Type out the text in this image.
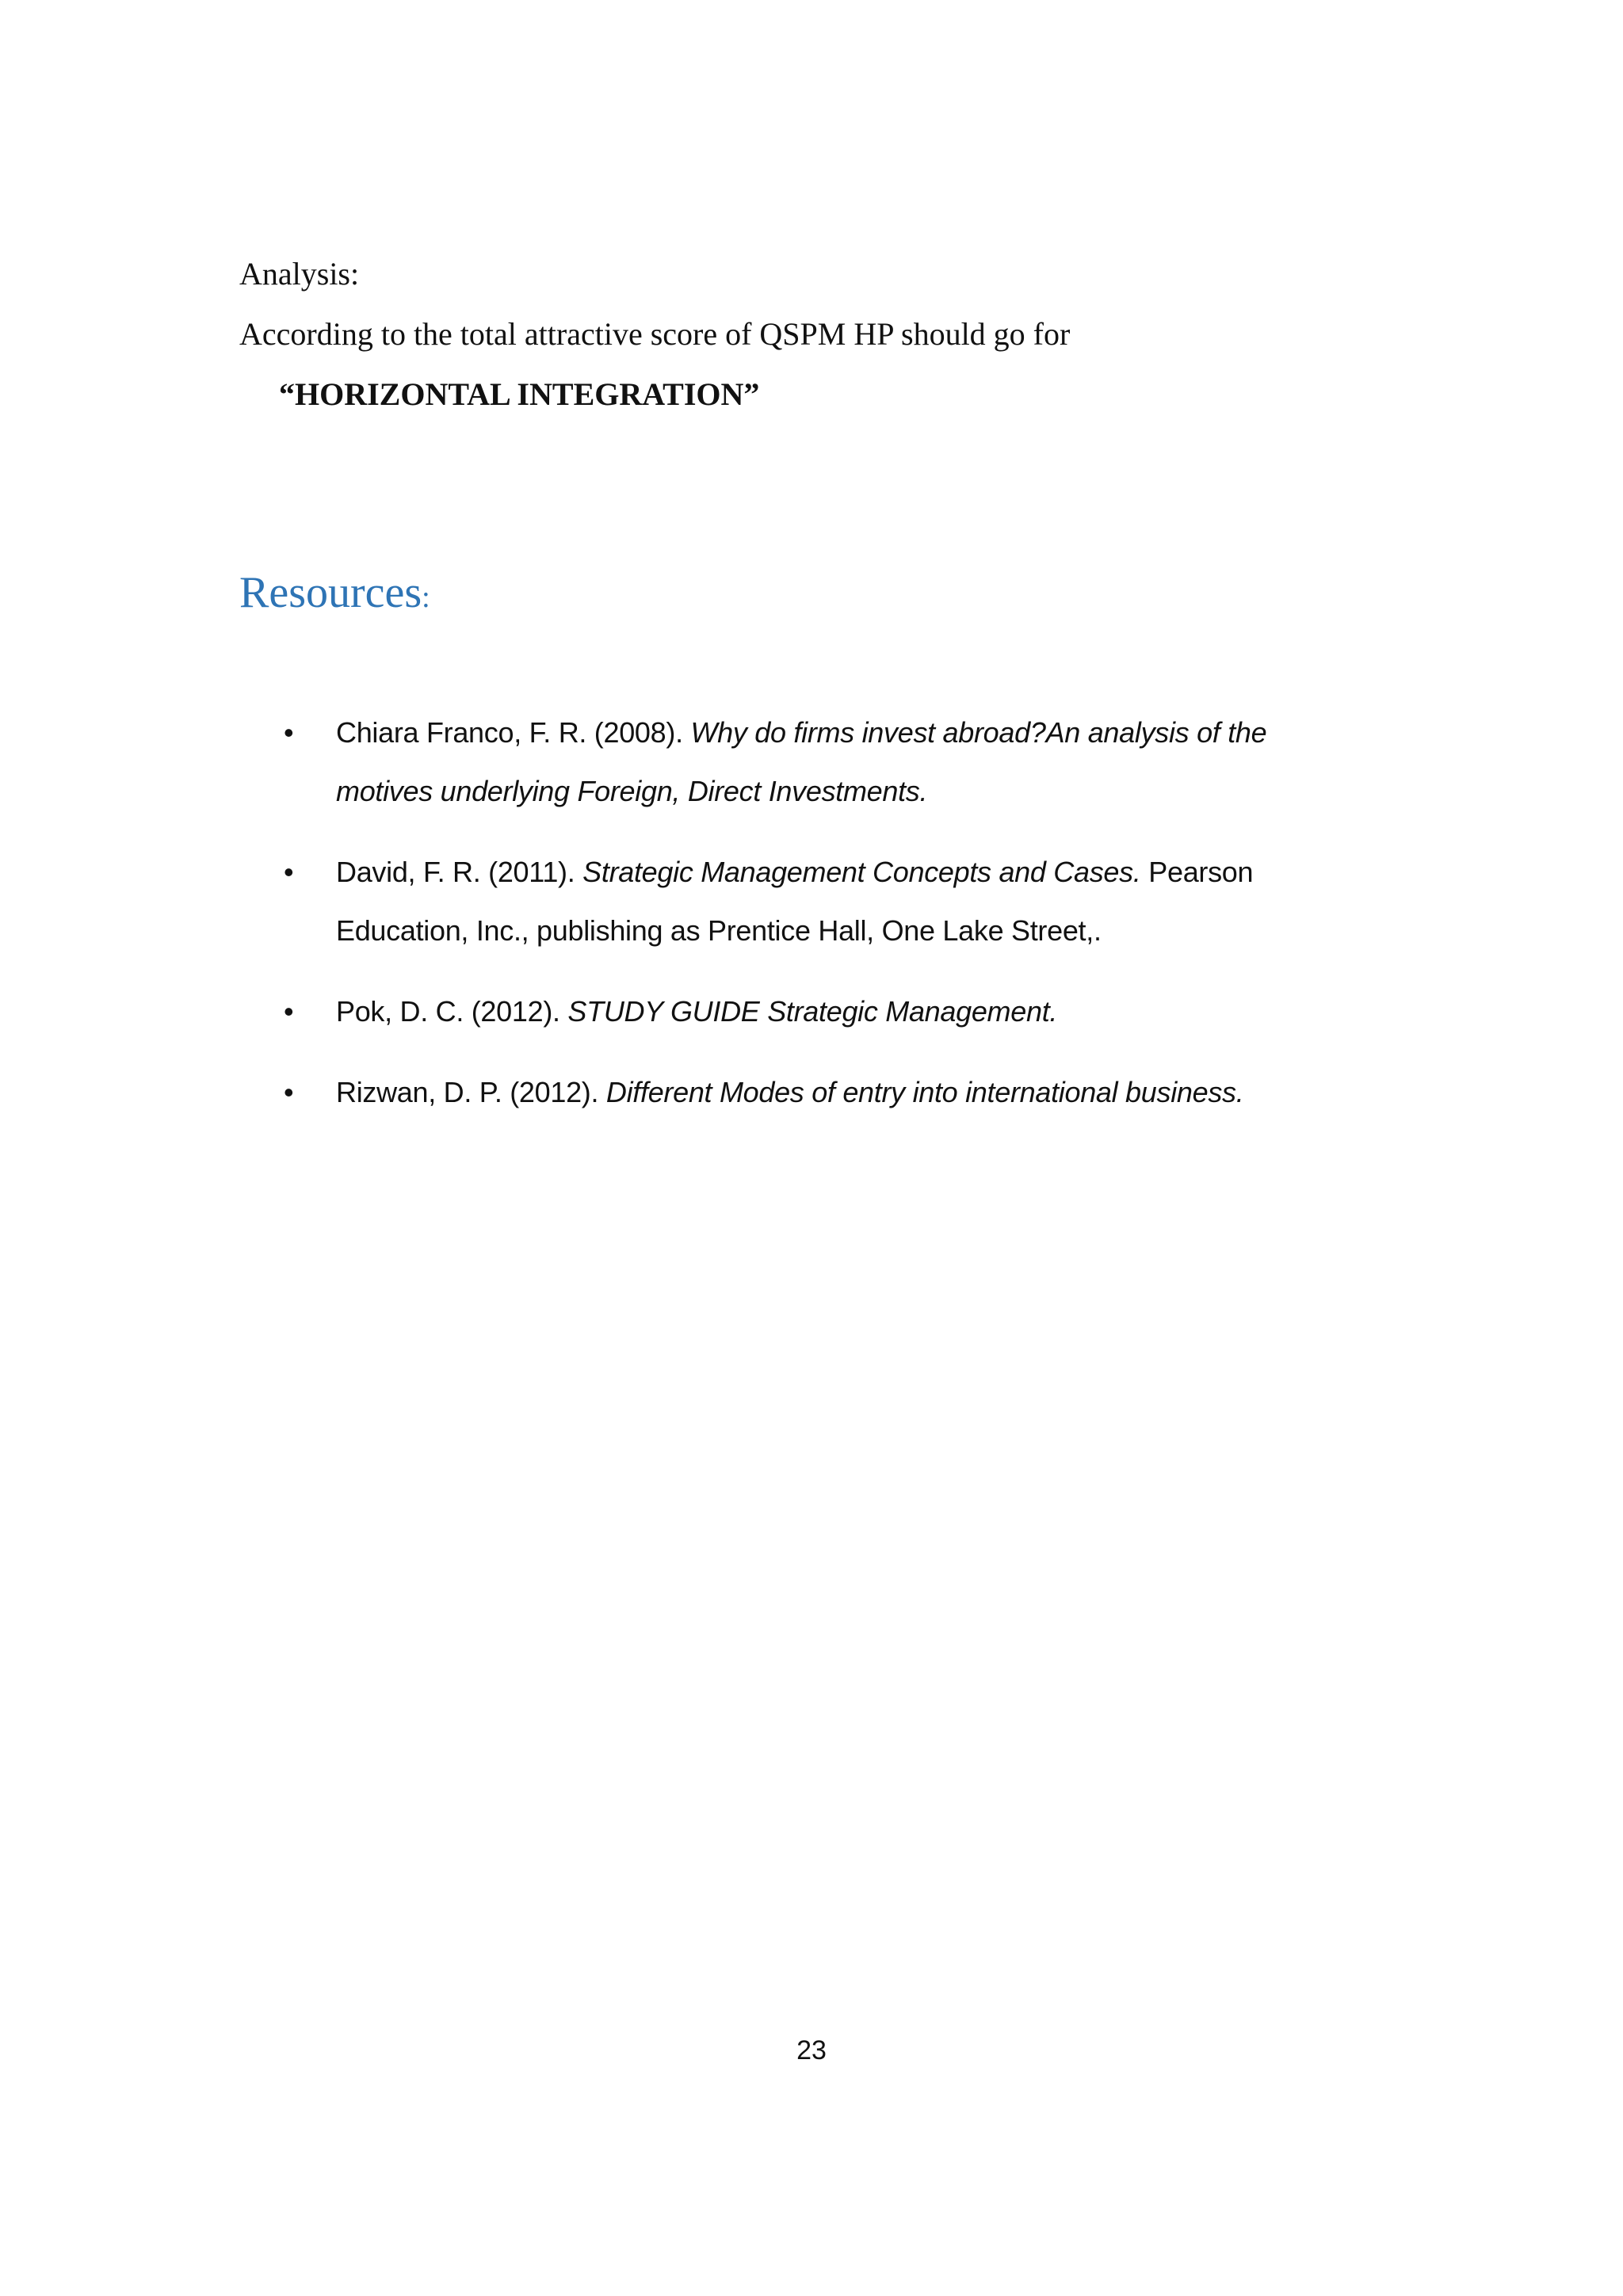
Analysis:
According to the total attractive score of QSPM HP should go for
“HORIZONTAL INTEGRATION”
Resources:
•	Chiara Franco, F. R. (2008). Why do firms invest abroad?An analysis of the motives underlying Foreign, Direct Investments.
•	David, F. R. (2011). Strategic Management Concepts and Cases. Pearson Education, Inc., publishing as Prentice Hall, One Lake Street,.
•	Pok, D. C. (2012). STUDY GUIDE Strategic Management.
•	Rizwan, D. P. (2012). Different Modes of entry into international business.
23
